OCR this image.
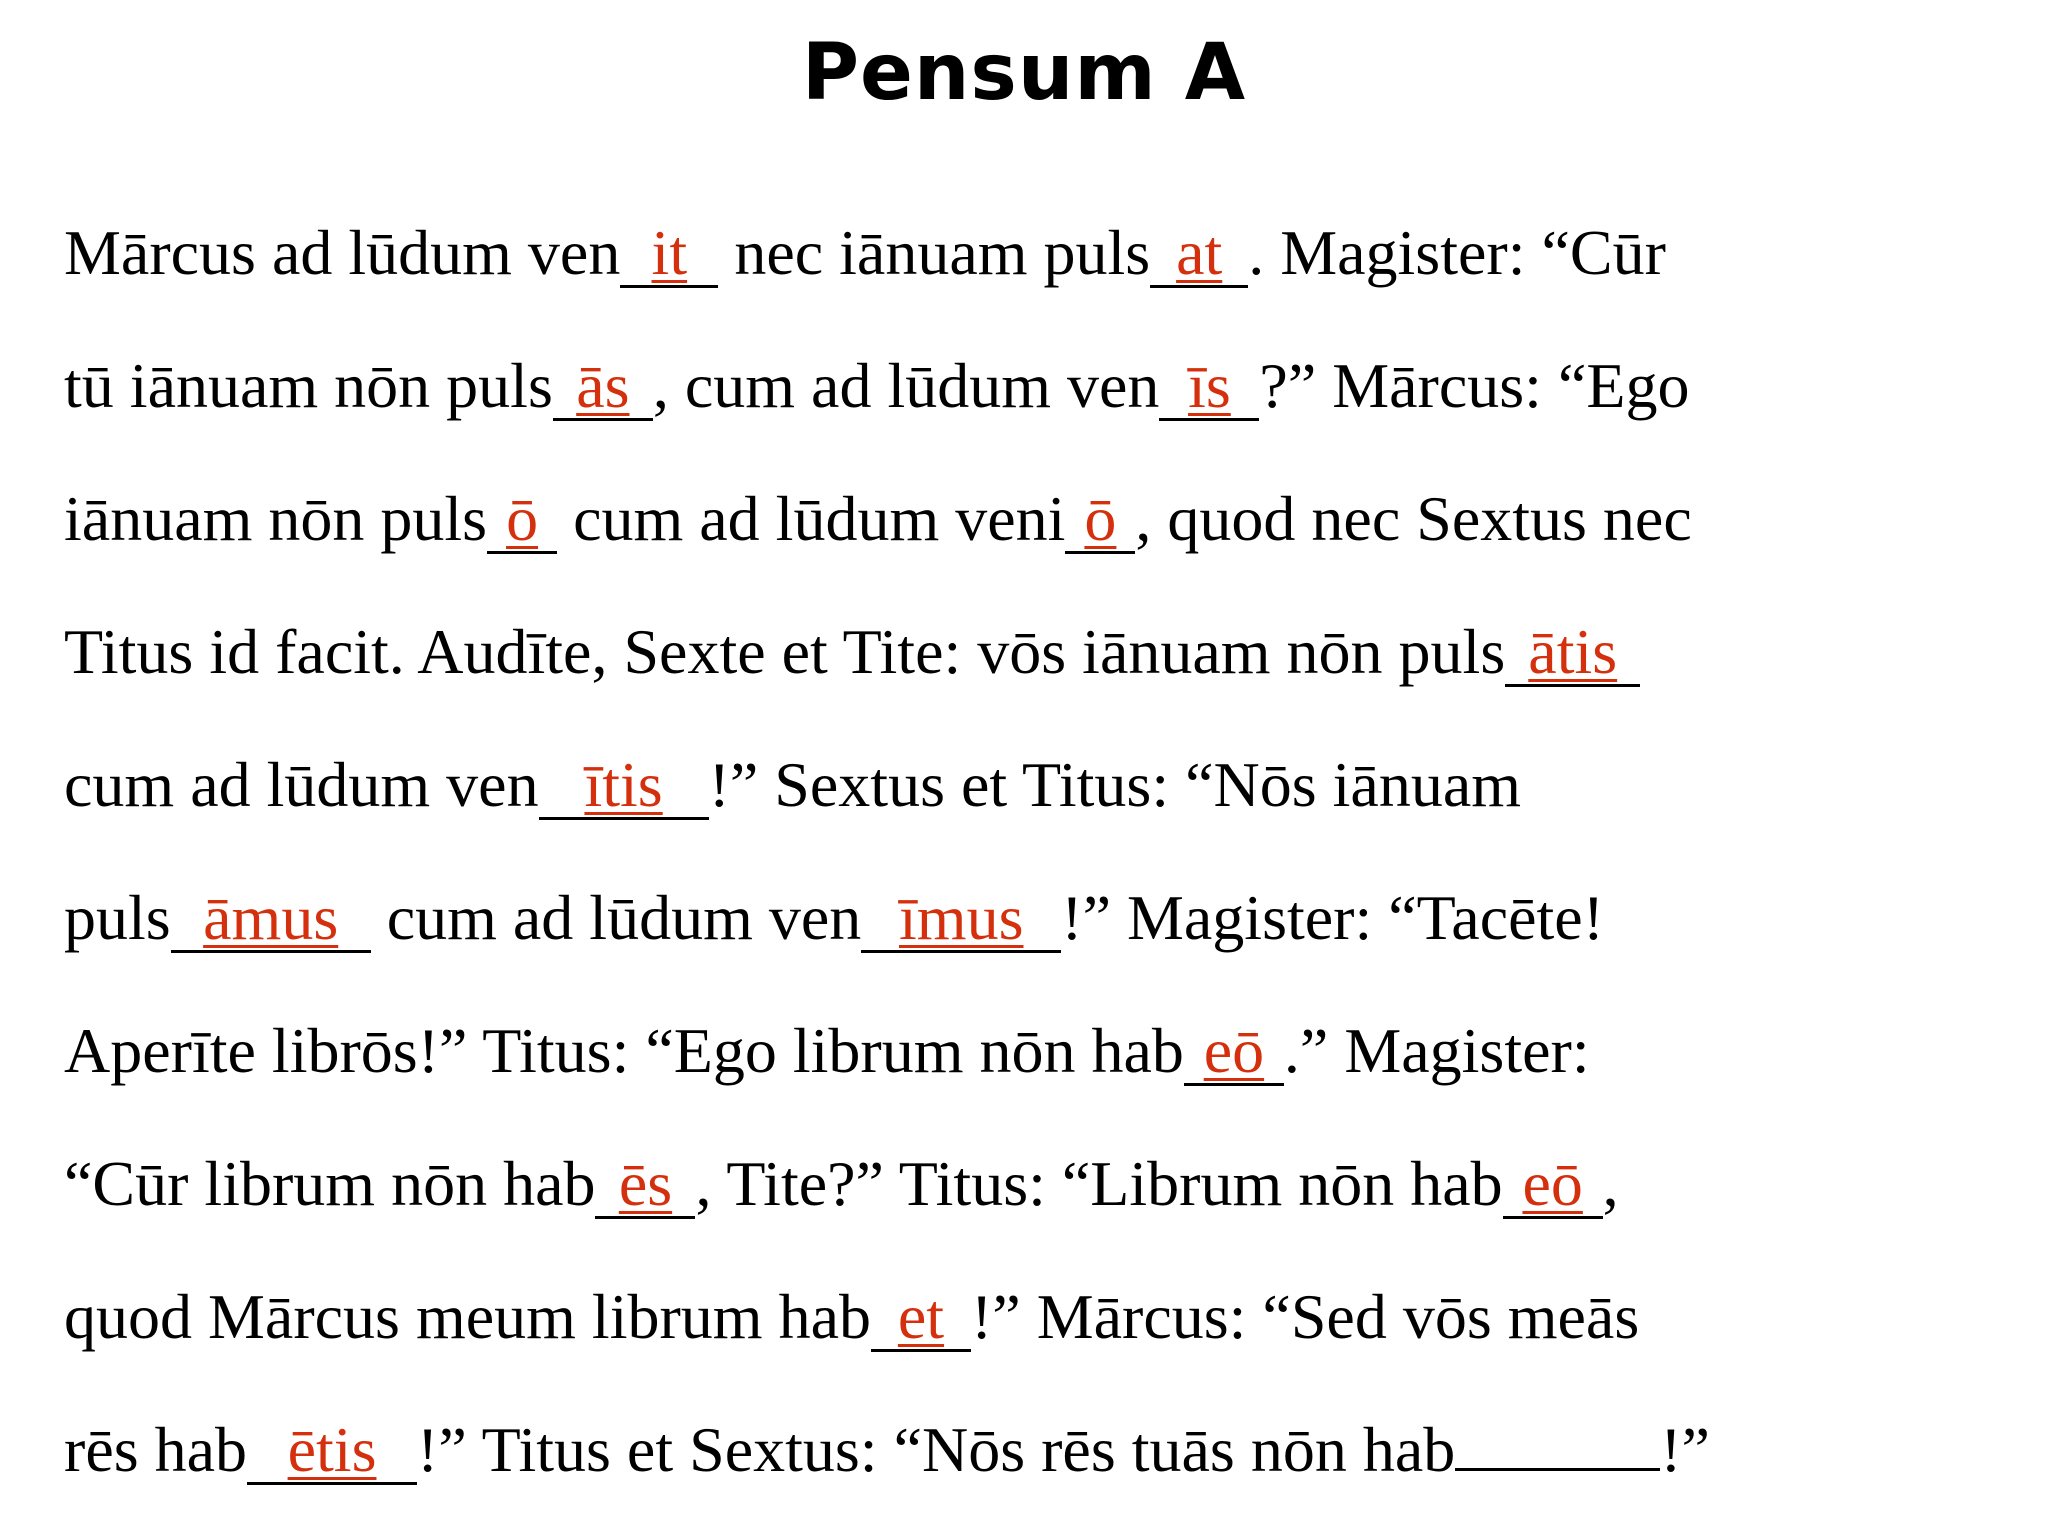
Pensum A
Mārcus ad lūdum ven it nec iānuam puls at . Magister: “Cūr
tū iānuam nōn puls ās , cum ad lūdum ven īs ?” Mārcus: “Ego
iānuam nōn puls ō cum ad lūdum veni ō , quod nec Sextus nec
Titus id facit. Audīte, Sexte et Tite: vōs iānuam nōn puls ātis
cum ad lūdum ven ītis !” Sextus et Titus: “Nōs iānuam
puls āmus cum ad lūdum ven īmus !” Magister: “Tacēte!
Aperīte librōs!” Titus: “Ego librum nōn hab eō .” Magister:
“Cūr librum nōn hab ēs , Tite?” Titus: “Librum nōn hab eō ,
quod Mārcus meum librum hab et !” Mārcus: “Sed vōs meās
rēs hab ētis !” Titus et Sextus: “Nōs rēs tuās nōn hab	!”
